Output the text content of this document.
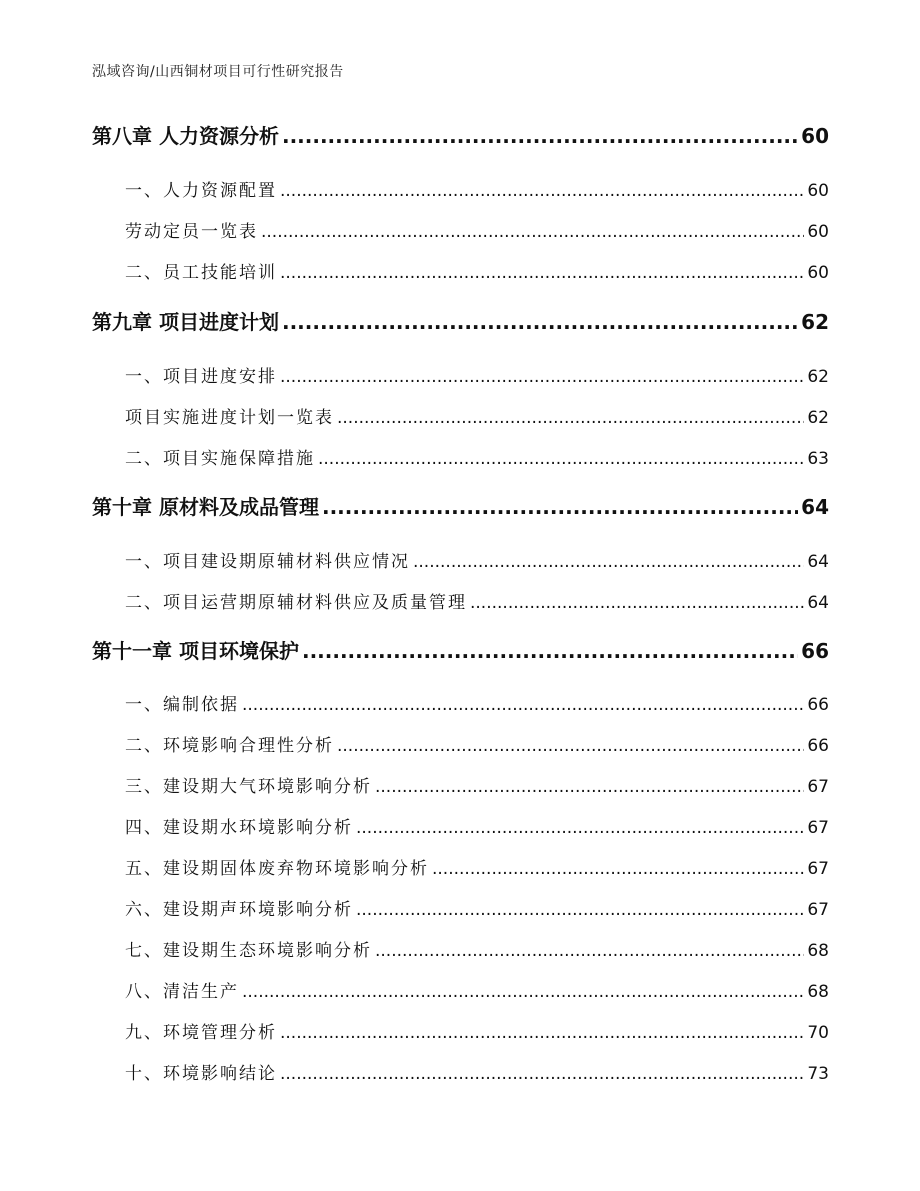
泓域咨询/山西铜材项目可行性研究报告
第八章 人力资源分析 .....	60
一、 人力资源配置 .....	60
劳动定员一览表 .....	60
二、 员工技能培训 .....	60
第九章 项目进度计划 .....	62
一、 项目进度安排 .....	62
项目实施进度计划一览表 .....	62
二、 项目实施保障措施 .....	63
第十章 原材料及成品管理 .....	64
一、 项目建设期原辅材料供应情况 .....	64
二、 项目运营期原辅材料供应及质量管理 .....	64
第十一章 项目环境保护 .....	66
一、 编制依据 .....	66
二、 环境影响合理性分析 .....	66
三、 建设期大气环境影响分析 .....	67
四、 建设期水环境影响分析 .....	67
五、 建设期固体废弃物环境影响分析 .....	67
六、 建设期声环境影响分析 .....	67
七、 建设期生态环境影响分析 .....	68
八、 清洁生产 .....	68
九、 环境管理分析 .....	70
十、 环境影响结论 .....	73
